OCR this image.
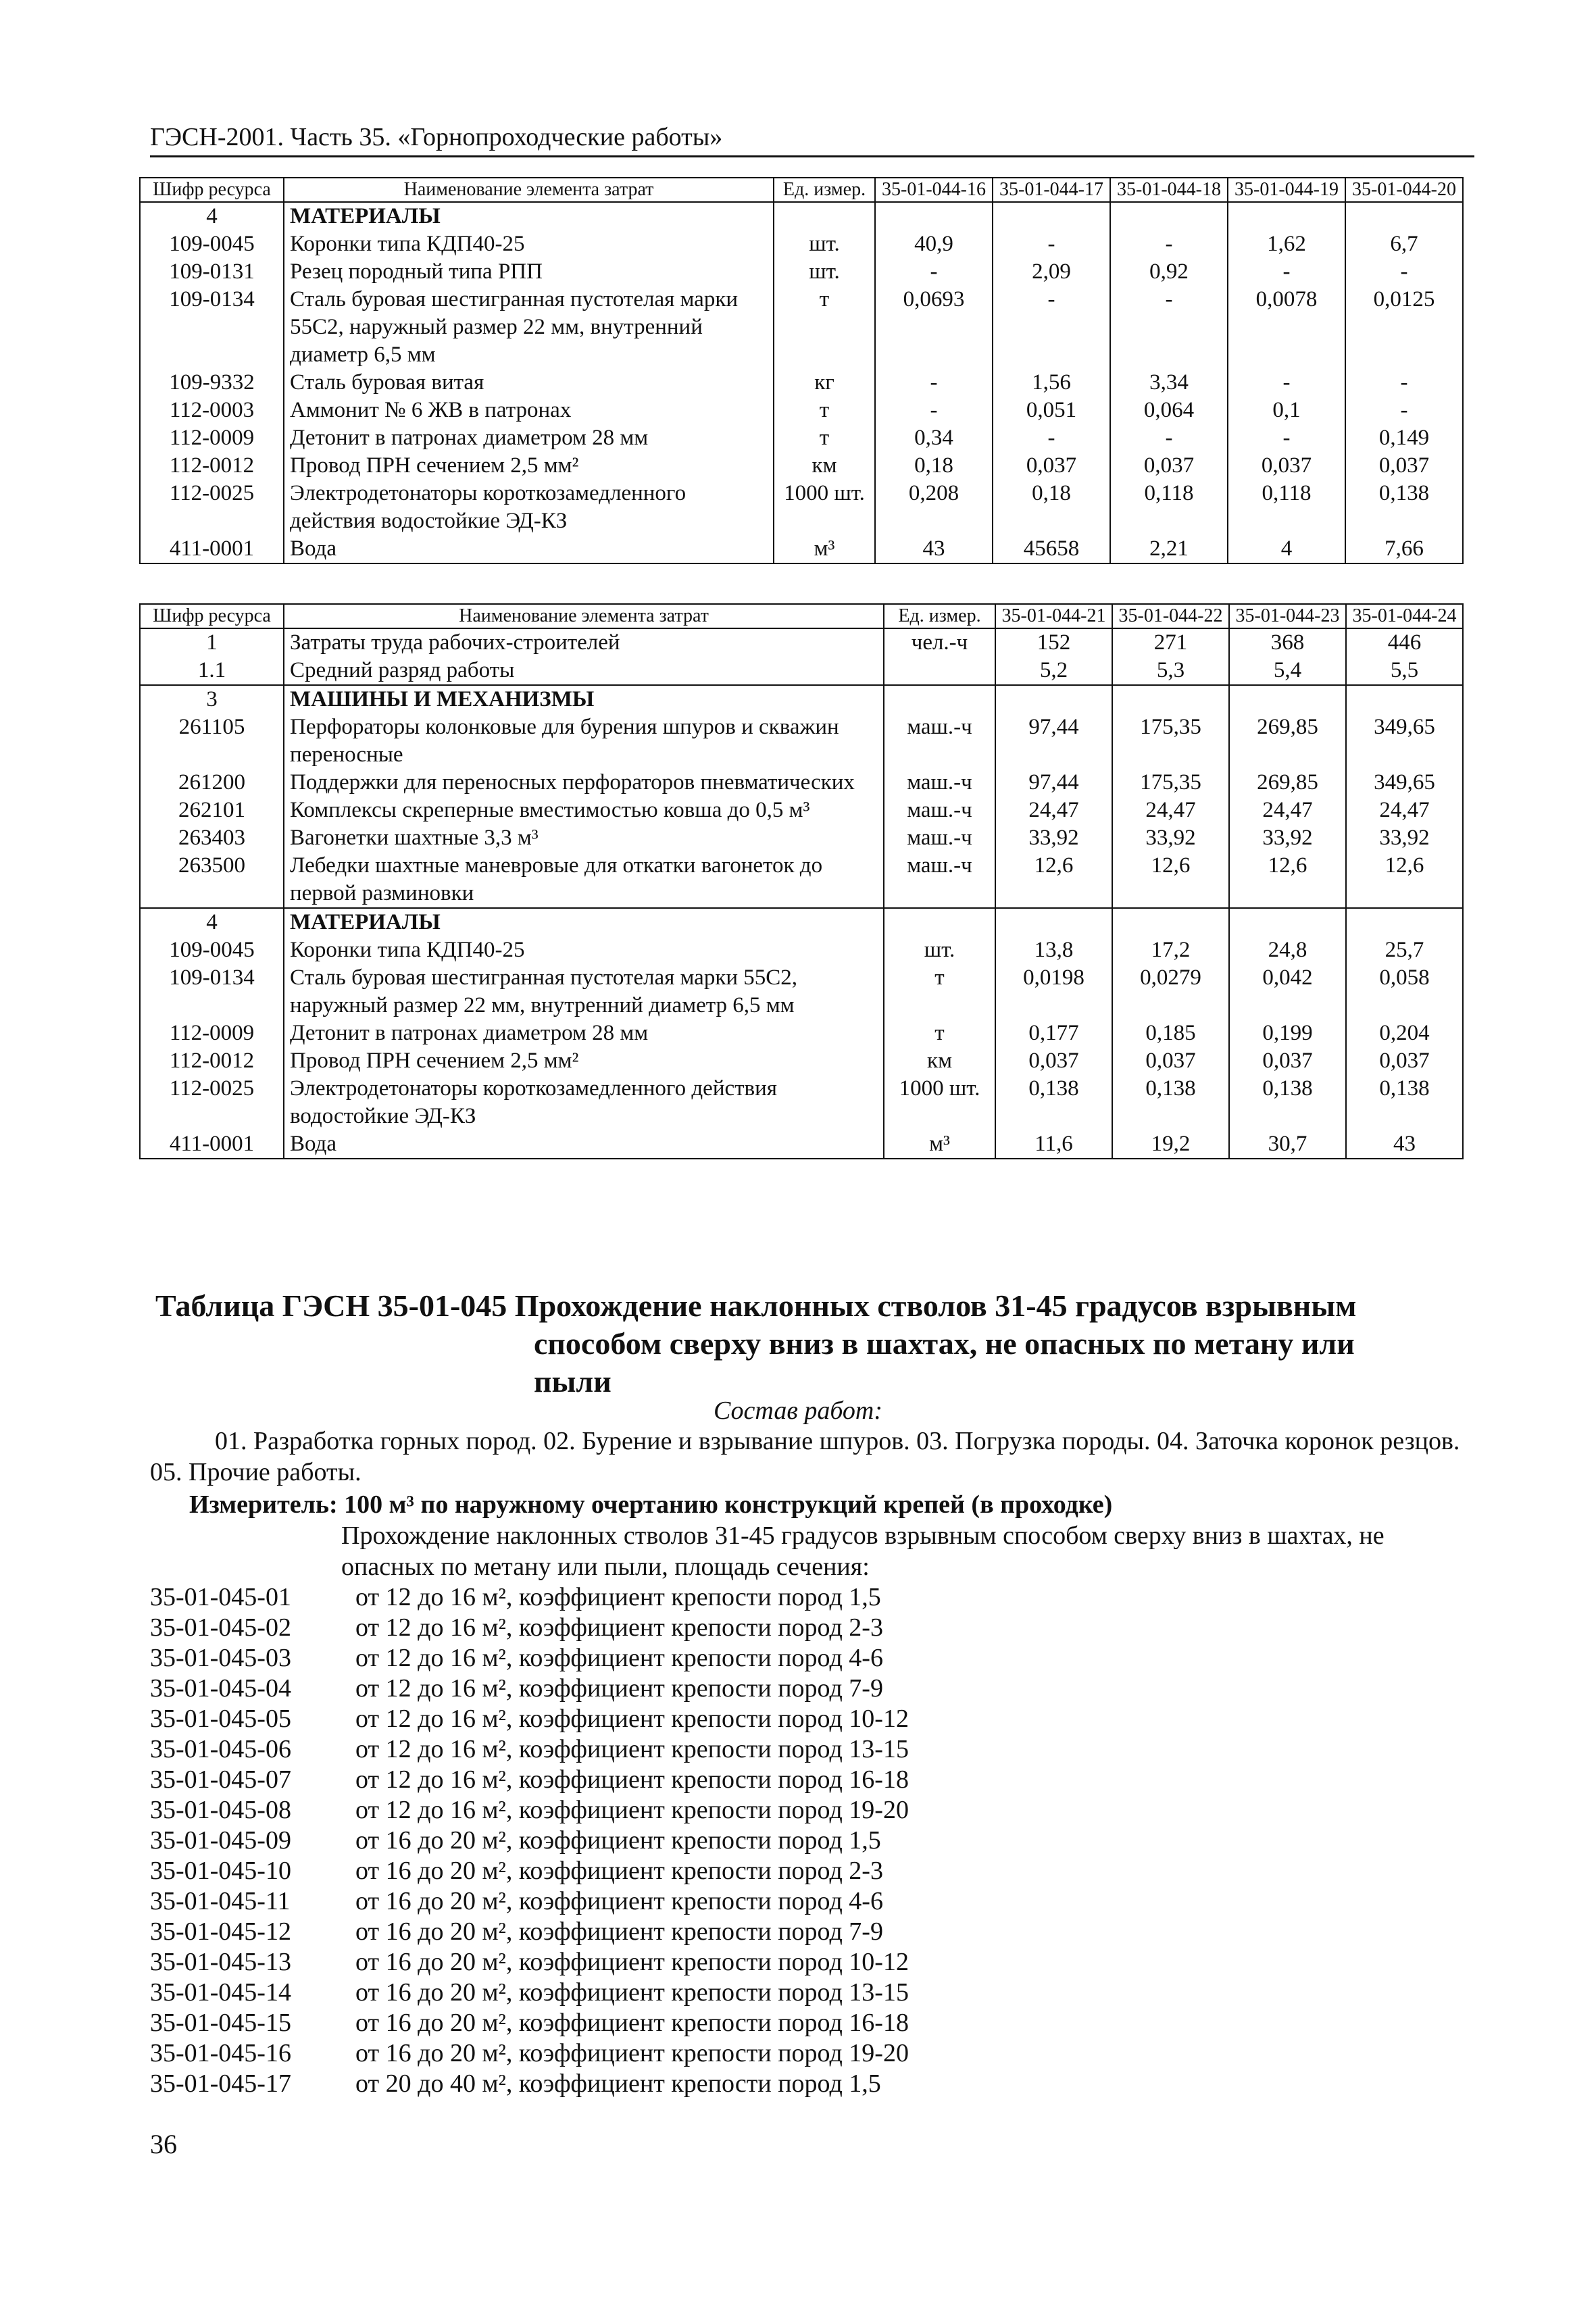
ГЭСН-2001. Часть 35. «Горнопроходческие работы»
Шифр ресурса	Наименование элемента затрат	Ед. измер.	35-01-044-16	35-01-044-17	35-01-044-18	35-01-044-19	35-01-044-20
4	МАТЕРИАЛЫ						
109-0045	Коронки типа КДП40-25	шт.	40,9	-	-	1,62	6,7
109-0131	Резец породный типа РПП	шт.	-	2,09	0,92	-	-
109-0134	Сталь буровая шестигранная пустотелая марки 55С2, наружный размер 22 мм, внутренний диаметр 6,5 мм	т	0,0693	-	-	0,0078	0,0125
109-9332	Сталь буровая витая	кг	-	1,56	3,34	-	-
112-0003	Аммонит № 6 ЖВ в патронах	т	-	0,051	0,064	0,1	-
112-0009	Детонит в патронах диаметром 28 мм	т	0,34	-	-	-	0,149
112-0012	Провод ПРН сечением 2,5 мм²	км	0,18	0,037	0,037	0,037	0,037
112-0025	Электродетонаторы короткозамедленного действия водостойкие ЭД-КЗ	1000 шт.	0,208	0,18	0,118	0,118	0,138
411-0001	Вода	м³	43	45658	2,21	4	7,66
Шифр ресурса	Наименование элемента затрат	Ед. измер.	35-01-044-21	35-01-044-22	35-01-044-23	35-01-044-24
1	Затраты труда рабочих-строителей	чел.-ч	152	271	368	446
1.1	Средний разряд работы		5,2	5,3	5,4	5,5
3	МАШИНЫ И МЕХАНИЗМЫ					
261105	Перфораторы колонковые для бурения шпуров и скважин переносные	маш.-ч	97,44	175,35	269,85	349,65
261200	Поддержки для переносных перфораторов пневматических	маш.-ч	97,44	175,35	269,85	349,65
262101	Комплексы скреперные вместимостью ковша до 0,5 м³	маш.-ч	24,47	24,47	24,47	24,47
263403	Вагонетки шахтные 3,3 м³	маш.-ч	33,92	33,92	33,92	33,92
263500	Лебедки шахтные маневровые для откатки вагонеток до первой разминовки	маш.-ч	12,6	12,6	12,6	12,6
4	МАТЕРИАЛЫ					
109-0045	Коронки типа КДП40-25	шт.	13,8	17,2	24,8	25,7
109-0134	Сталь буровая шестигранная пустотелая марки 55С2, наружный размер 22 мм, внутренний диаметр 6,5 мм	т	0,0198	0,0279	0,042	0,058
112-0009	Детонит в патронах диаметром 28 мм	т	0,177	0,185	0,199	0,204
112-0012	Провод ПРН сечением 2,5 мм²	км	0,037	0,037	0,037	0,037
112-0025	Электродетонаторы короткозамедленного действия водостойкие ЭД-КЗ	1000 шт.	0,138	0,138	0,138	0,138
411-0001	Вода	м³	11,6	19,2	30,7	43
Таблица ГЭСН 35-01-045 Прохождение наклонных стволов 31-45 градусов взрывным
способом сверху вниз в шахтах, не опасных по метану или
пыли
Состав работ:
01. Разработка горных пород. 02. Бурение и взрывание шпуров. 03. Погрузка породы. 04. Заточка коронок резцов. 05. Прочие работы.
Измеритель: 100 м³ по наружному очертанию конструкций крепей (в проходке)
Прохождение наклонных стволов 31-45 градусов взрывным способом сверху вниз в шахтах, не опасных по метану или пыли, площадь сечения:
35-01-045-01	от 12 до 16 м², коэффициент крепости пород 1,5
35-01-045-02	от 12 до 16 м², коэффициент крепости пород 2-3
35-01-045-03	от 12 до 16 м², коэффициент крепости пород 4-6
35-01-045-04	от 12 до 16 м², коэффициент крепости пород 7-9
35-01-045-05	от 12 до 16 м², коэффициент крепости пород 10-12
35-01-045-06	от 12 до 16 м², коэффициент крепости пород 13-15
35-01-045-07	от 12 до 16 м², коэффициент крепости пород 16-18
35-01-045-08	от 12 до 16 м², коэффициент крепости пород 19-20
35-01-045-09	от 16 до 20 м², коэффициент крепости пород 1,5
35-01-045-10	от 16 до 20 м², коэффициент крепости пород 2-3
35-01-045-11	от 16 до 20 м², коэффициент крепости пород 4-6
35-01-045-12	от 16 до 20 м², коэффициент крепости пород 7-9
35-01-045-13	от 16 до 20 м², коэффициент крепости пород 10-12
35-01-045-14	от 16 до 20 м², коэффициент крепости пород 13-15
35-01-045-15	от 16 до 20 м², коэффициент крепости пород 16-18
35-01-045-16	от 16 до 20 м², коэффициент крепости пород 19-20
35-01-045-17	от 20 до 40 м², коэффициент крепости пород 1,5
36
